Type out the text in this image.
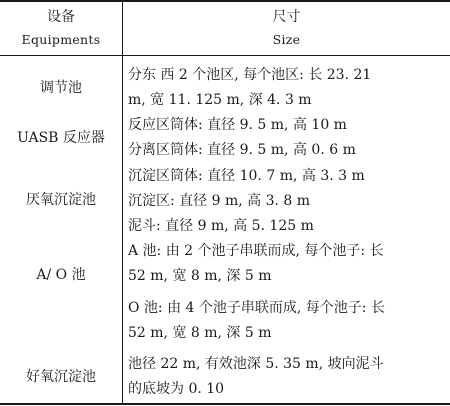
设备
Equipments
尺寸
Size
调节池
分东 西 2 个池区, 每个池区: 长 23. 21
m, 宽 11. 125 m, 深 4. 3 m
UASB 反应器
反应区筒体: 直径 9. 5 m, 高 10 m
分离区筒体: 直径 9. 5 m, 高 0. 6 m
厌氧沉淀池
沉淀区筒体: 直径 10. 7 m, 高 3. 3 m
沉淀区: 直径 9 m, 高 3. 8 m
泥斗: 直径 9 m, 高 5. 125 m
A/ O 池
A 池: 由 2 个池子串联而成, 每个池子: 长
52 m, 宽 8 m, 深 5 m
O 池: 由 4 个池子串联而成, 每个池子: 长
52 m, 宽 8 m, 深 5 m
好氧沉淀池
池径 22 m, 有效池深 5. 35 m, 坡向泥斗
的底坡为 0. 10
